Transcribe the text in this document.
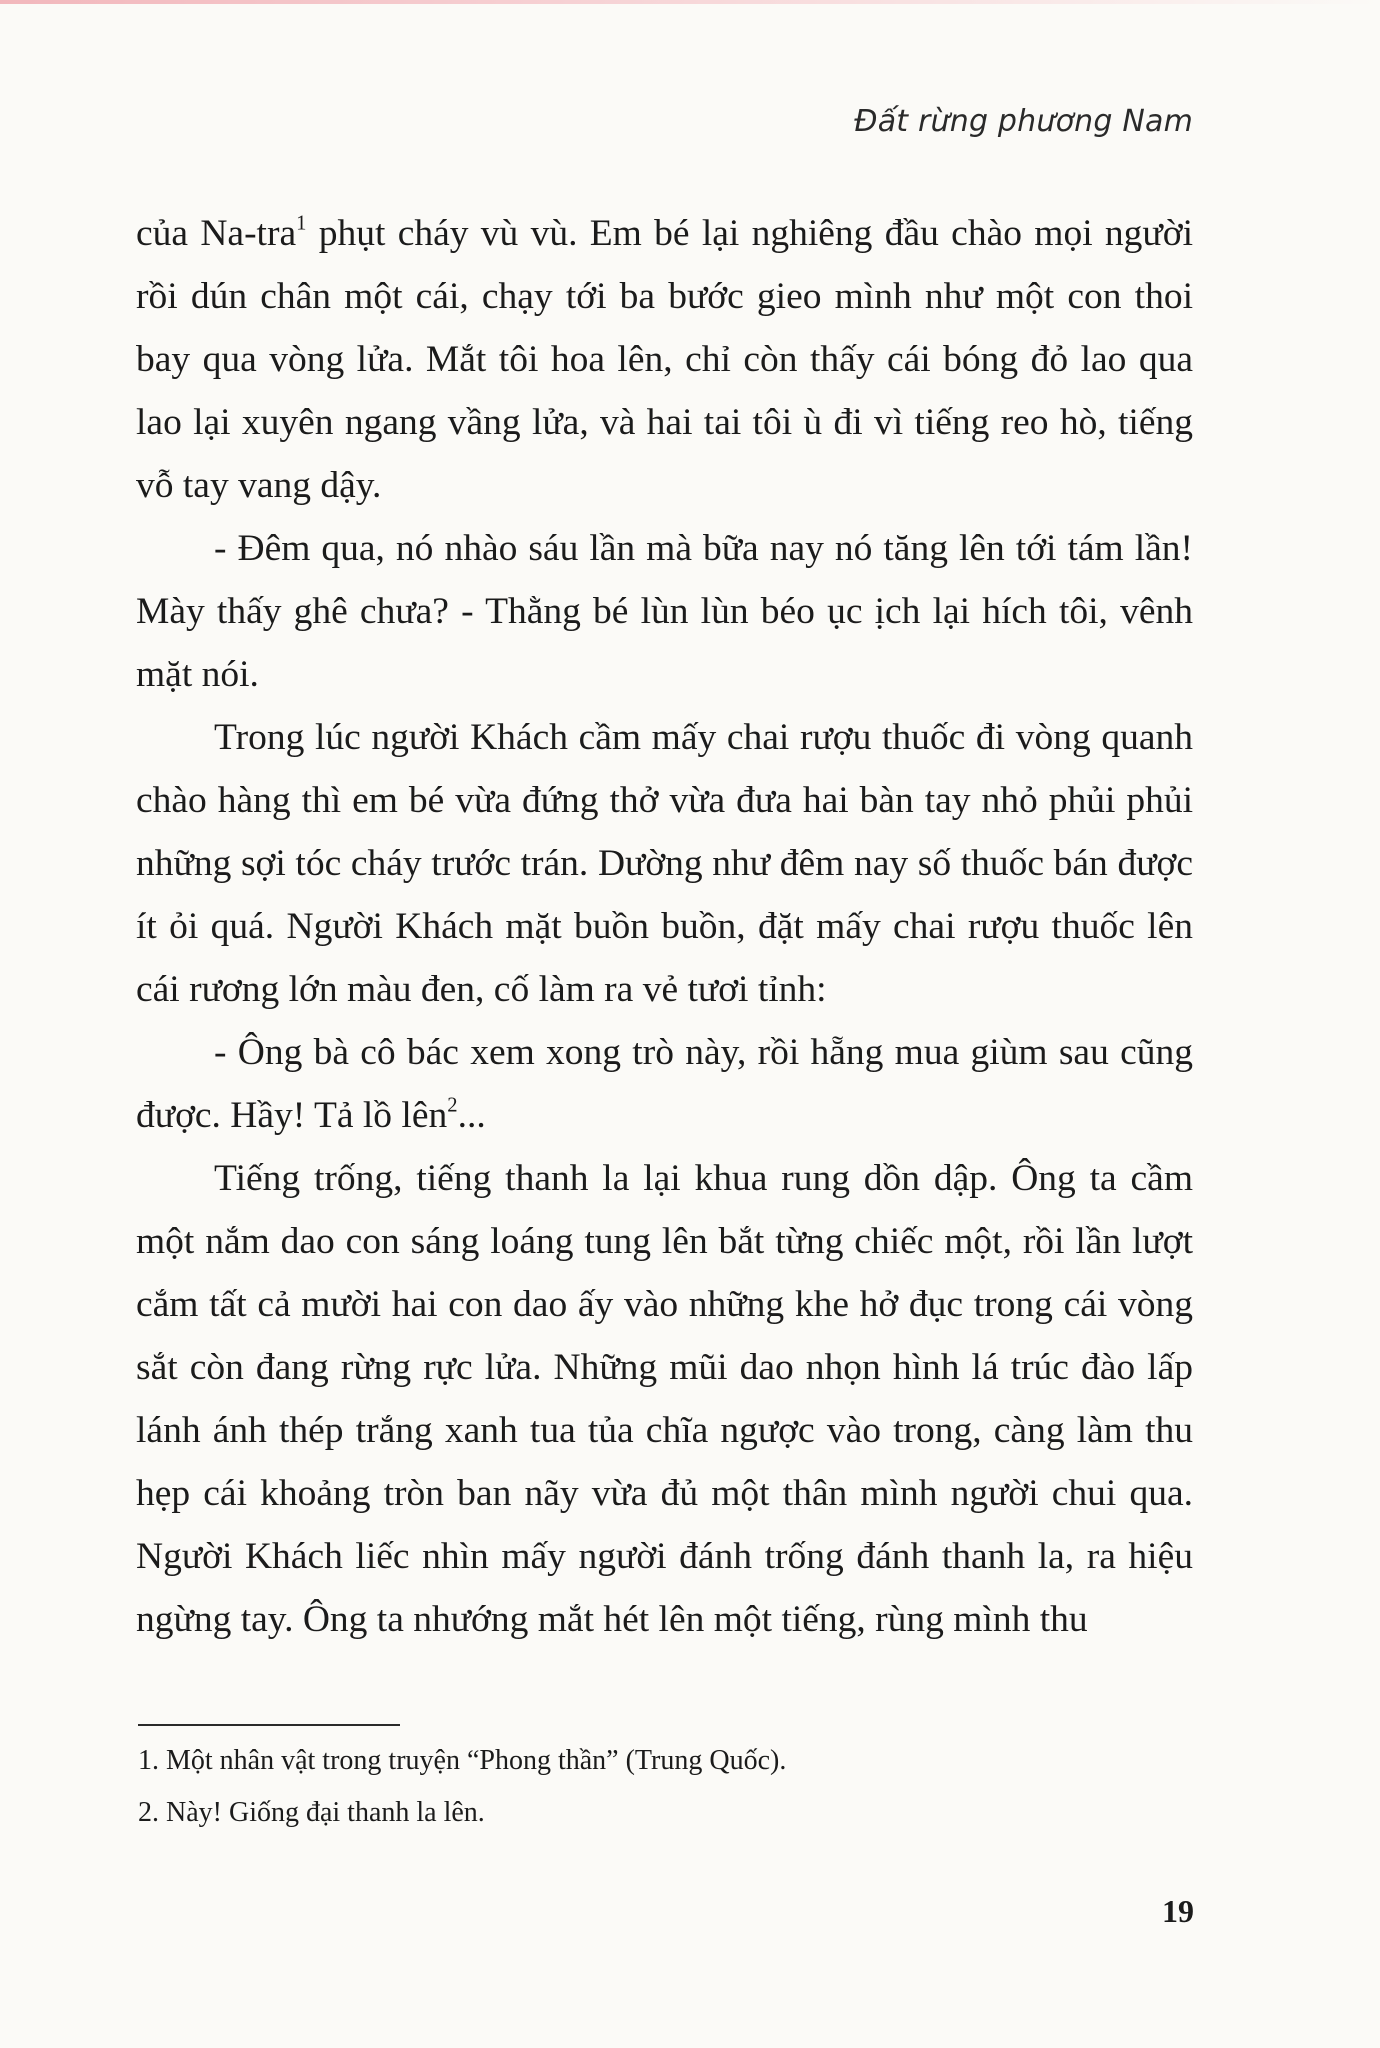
Đất rừng phương Nam

của Na-tra$^1$ phụt cháy vù vù. Em bé lại nghiêng đầu chào mọi người rồi dún chân một cái, chạy tới ba bước gieo mình như một con thoi bay qua vòng lửa. Mắt tôi hoa lên, chỉ còn thấy cái bóng đỏ lao qua lao lại xuyên ngang vầng lửa, và hai tai tôi ù đi vì tiếng reo hò, tiếng vỗ tay vang dậy.

- Đêm qua, nó nhào sáu lần mà bữa nay nó tăng lên tới tám lần! Mày thấy ghê chưa? - Thằng bé lùn lùn béo ục ịch lại hích tôi, vênh mặt nói.

Trong lúc người Khách cầm mấy chai rượu thuốc đi vòng quanh chào hàng thì em bé vừa đứng thở vừa đưa hai bàn tay nhỏ phủi phủi những sợi tóc cháy trước trán. Dường như đêm nay số thuốc bán được ít ỏi quá. Người Khách mặt buồn buồn, đặt mấy chai rượu thuốc lên cái rương lớn màu đen, cố làm ra vẻ tươi tỉnh:

- Ông bà cô bác xem xong trò này, rồi hẵng mua giùm sau cũng được. Hầy! Tả lồ lên$^2$...

Tiếng trống, tiếng thanh la lại khua rung dồn dập. Ông ta cầm một nắm dao con sáng loáng tung lên bắt từng chiếc một, rồi lần lượt cắm tất cả mười hai con dao ấy vào những khe hở đục trong cái vòng sắt còn đang rừng rực lửa. Những mũi dao nhọn hình lá trúc đào lấp lánh ánh thép trắng xanh tua tủa chĩa ngược vào trong, càng làm thu hẹp cái khoảng tròn ban nãy vừa đủ một thân mình người chui qua. Người Khách liếc nhìn mấy người đánh trống đánh thanh la, ra hiệu ngừng tay. Ông ta nhướng mắt hét lên một tiếng, rùng mình thu

1. Một nhân vật trong truyện “Phong thần” (Trung Quốc).

2. Này! Giống đại thanh la lên.

19
